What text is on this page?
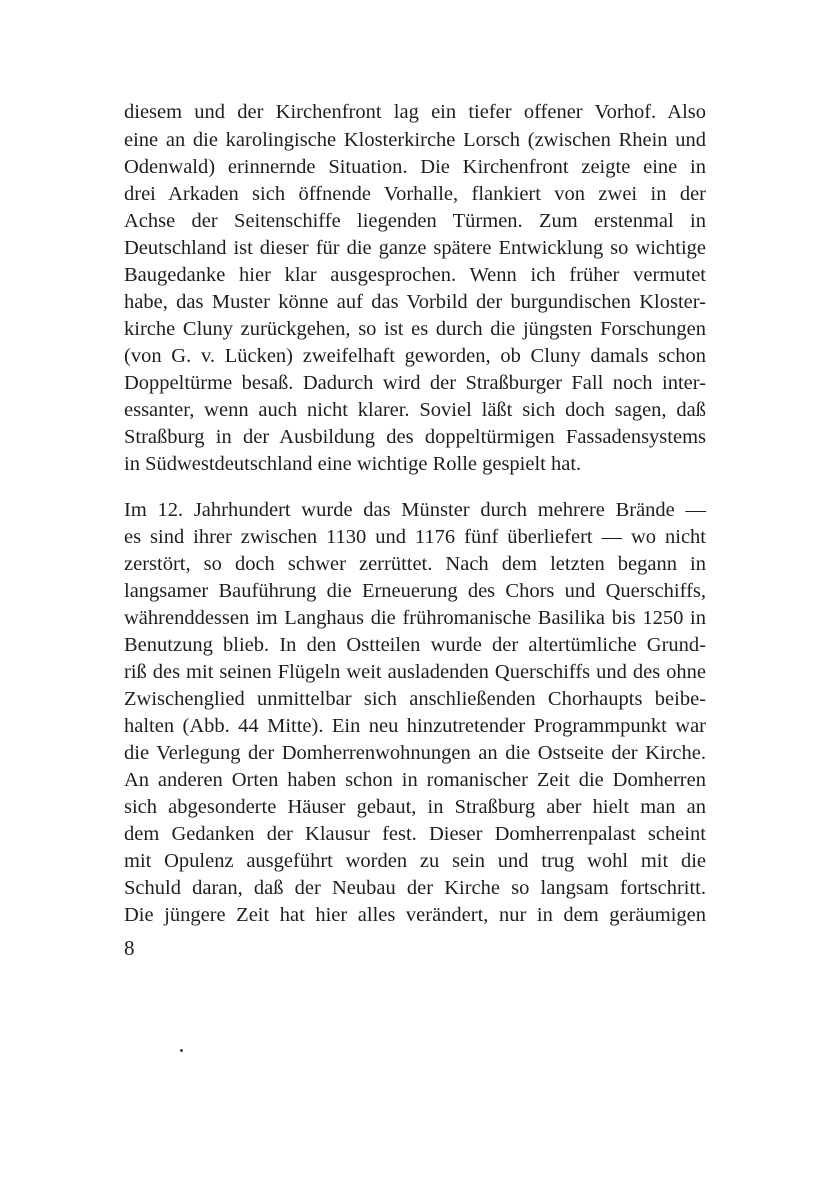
diesem und der Kirchenfront lag ein tiefer offener Vorhof. Also
eine an die karolingische Klosterkirche Lorsch (zwischen Rhein und
Odenwald) erinnernde Situation. Die Kirchenfront zeigte eine in
drei Arkaden sich öffnende Vorhalle, flankiert von zwei in der
Achse der Seitenschiffe liegenden Türmen. Zum erstenmal in
Deutschland ist dieser für die ganze spätere Entwicklung so wichtige
Baugedanke hier klar ausgesprochen. Wenn ich früher vermutet
habe, das Muster könne auf das Vorbild der burgundischen Kloster-
kirche Cluny zurückgehen, so ist es durch die jüngsten Forschungen
(von G. v. Lücken) zweifelhaft geworden, ob Cluny damals schon
Doppeltürme besaß. Dadurch wird der Straßburger Fall noch inter-
essanter, wenn auch nicht klarer. Soviel läßt sich doch sagen, daß
Straßburg in der Ausbildung des doppeltürmigen Fassadensystems
in Südwestdeutschland eine wichtige Rolle gespielt hat.
Im 12. Jahrhundert wurde das Münster durch mehrere Brände —
es sind ihrer zwischen 1130 und 1176 fünf überliefert — wo nicht
zerstört, so doch schwer zerrüttet. Nach dem letzten begann in
langsamer Bauführung die Erneuerung des Chors und Querschiffs,
währenddessen im Langhaus die frühromanische Basilika bis 1250 in
Benutzung blieb. In den Ostteilen wurde der altertümliche Grund-
riß des mit seinen Flügeln weit ausladenden Querschiffs und des ohne
Zwischenglied unmittelbar sich anschließenden Chorhaupts beibe-
halten (Abb. 44 Mitte). Ein neu hinzutretender Programmpunkt war
die Verlegung der Domherrenwohnungen an die Ostseite der Kirche.
An anderen Orten haben schon in romanischer Zeit die Domherren
sich abgesonderte Häuser gebaut, in Straßburg aber hielt man an
dem Gedanken der Klausur fest. Dieser Domherrenpalast scheint
mit Opulenz ausgeführt worden zu sein und trug wohl mit die
Schuld daran, daß der Neubau der Kirche so langsam fortschritt.
Die jüngere Zeit hat hier alles verändert, nur in dem geräumigen
8
